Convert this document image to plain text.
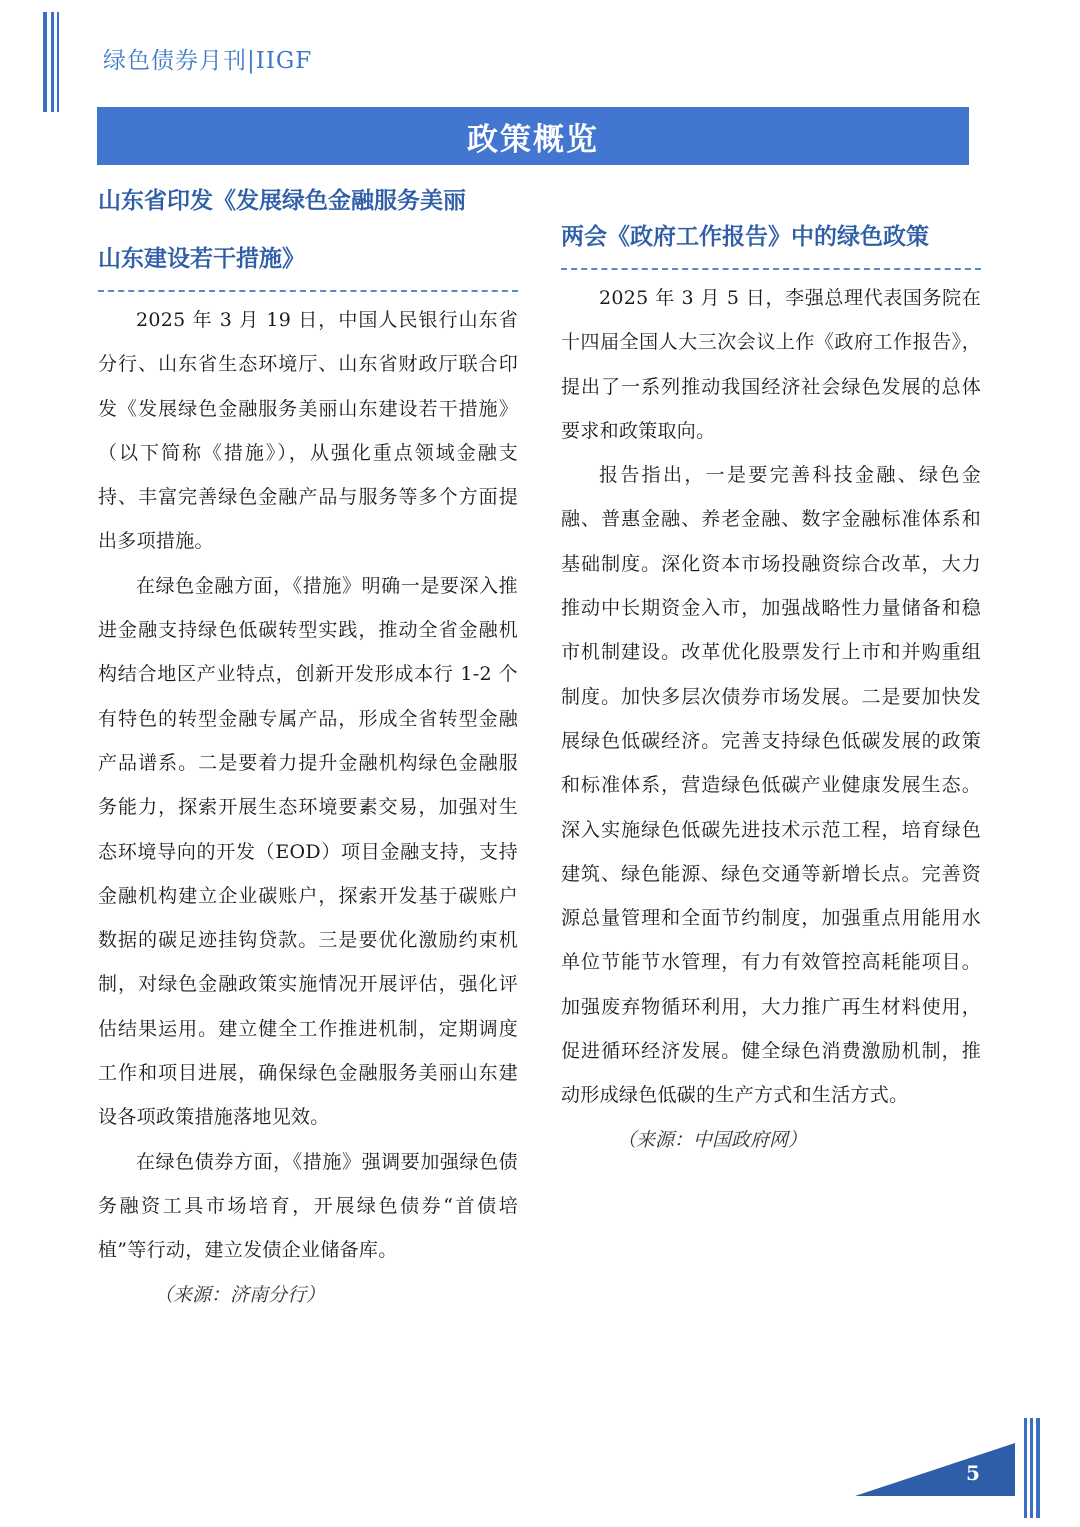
绿色债券月刊|IIGF
政策概览
山东省印发《发展绿色金融服务美丽
山东建设若干措施》

2025 年 3 月 19 日，中国人民银行山东省分行、山东省生态环境厅、山东省财政厅联合印发《发展绿色金融服务美丽山东建设若干措施》（以下简称《措施》），从强化重点领域金融支持、丰富完善绿色金融产品与服务等多个方面提出多项措施。

在绿色金融方面，《措施》明确一是要深入推进金融支持绿色低碳转型实践，推动全省金融机构结合地区产业特点，创新开发形成本行 1-2 个有特色的转型金融专属产品，形成全省转型金融产品谱系。二是要着力提升金融机构绿色金融服务能力，探索开展生态环境要素交易，加强对生态环境导向的开发（EOD）项目金融支持，支持金融机构建立企业碳账户，探索开发基于碳账户数据的碳足迹挂钩贷款。三是要优化激励约束机制，对绿色金融政策实施情况开展评估，强化评估结果运用。建立健全工作推进机制，定期调度工作和项目进展，确保绿色金融服务美丽山东建设各项政策措施落地见效。

在绿色债券方面，《措施》强调要加强绿色债务融资工具市场培育，开展绿色债券“首债培植”等行动，建立发债企业储备库。

（来源：济南分行）

两会《政府工作报告》中的绿色政策

2025 年 3 月 5 日，李强总理代表国务院在十四届全国人大三次会议上作《政府工作报告》，提出了一系列推动我国经济社会绿色发展的总体要求和政策取向。

报告指出，一是要完善科技金融、绿色金融、普惠金融、养老金融、数字金融标准体系和基础制度。深化资本市场投融资综合改革，大力推动中长期资金入市，加强战略性力量储备和稳市机制建设。改革优化股票发行上市和并购重组制度。加快多层次债券市场发展。二是要加快发展绿色低碳经济。完善支持绿色低碳发展的政策和标准体系，营造绿色低碳产业健康发展生态。深入实施绿色低碳先进技术示范工程，培育绿色建筑、绿色能源、绿色交通等新增长点。完善资源总量管理和全面节约制度，加强重点用能用水单位节能节水管理，有力有效管控高耗能项目。加强废弃物循环利用，大力推广再生材料使用，促进循环经济发展。健全绿色消费激励机制，推动形成绿色低碳的生产方式和生活方式。

（来源：中国政府网）

5
